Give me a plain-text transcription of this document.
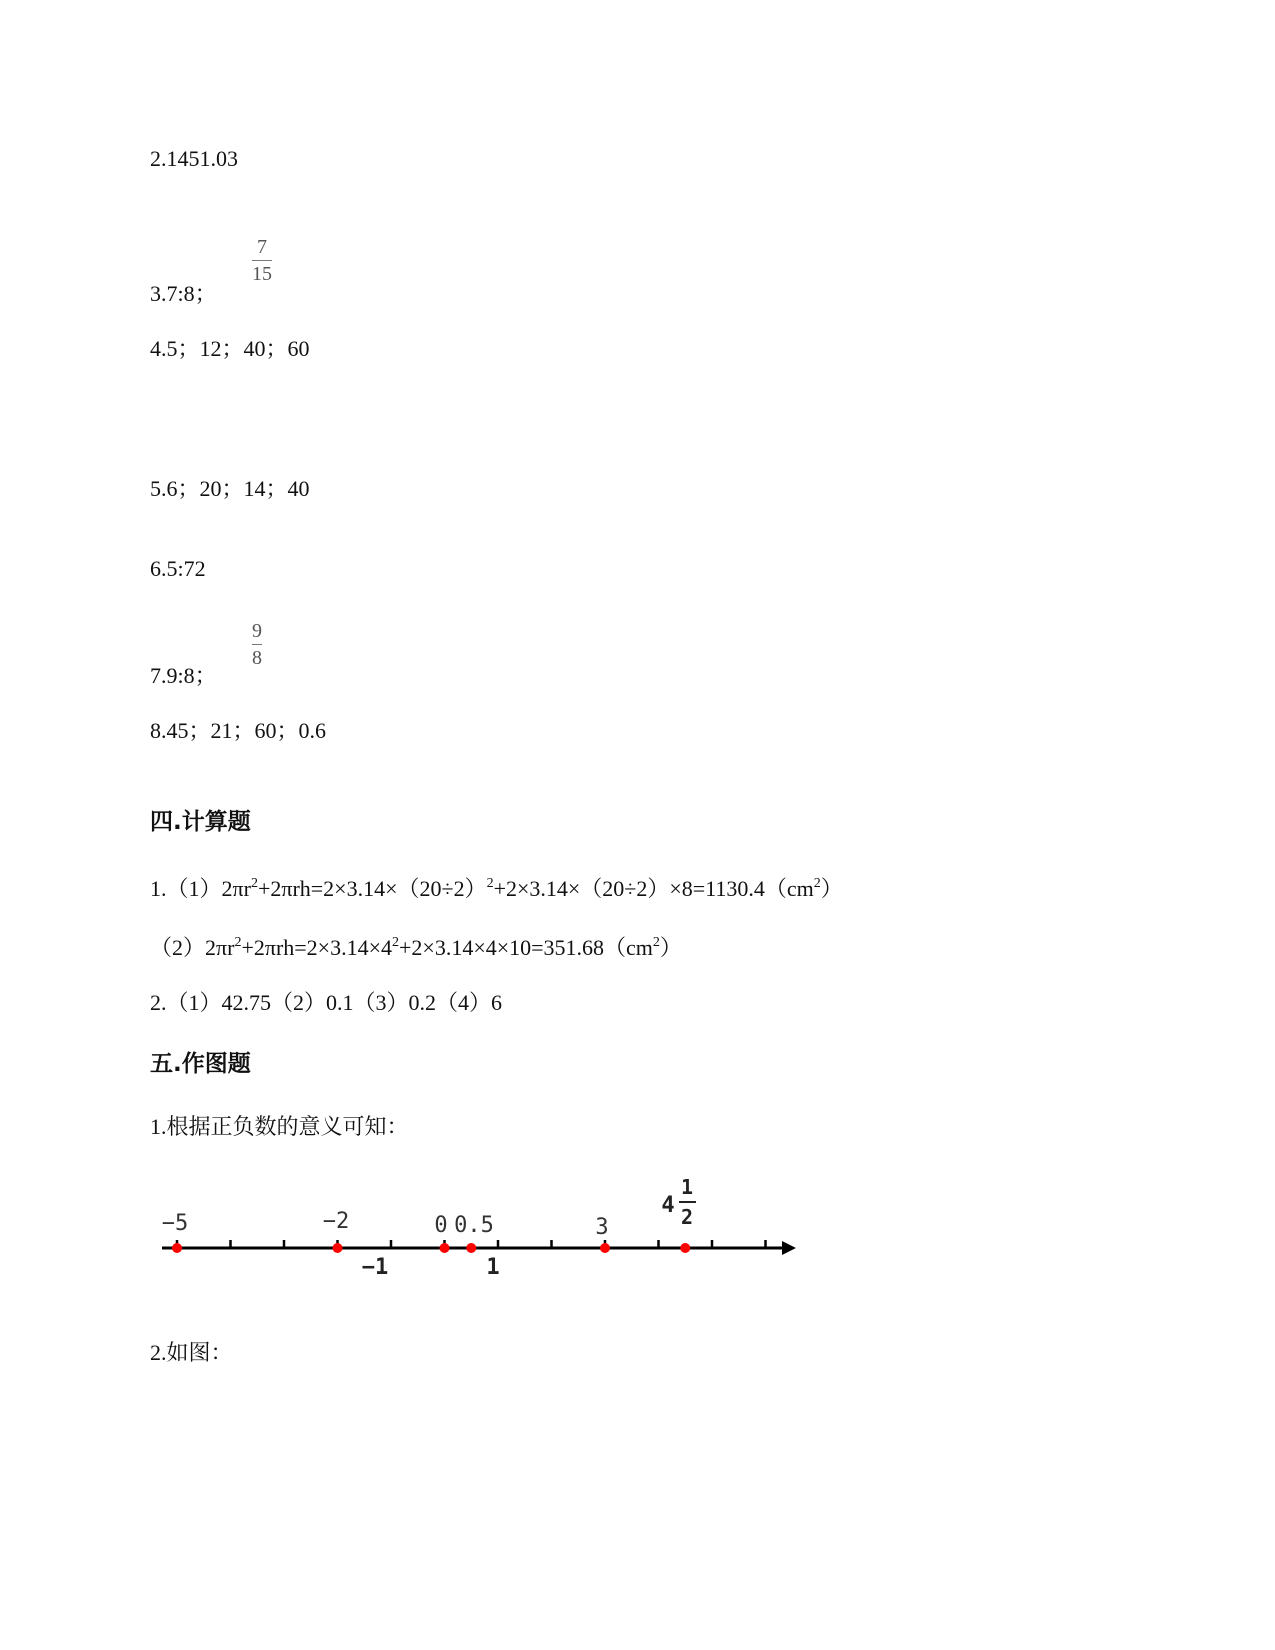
2.1451.03
7
15
3.7:8；
4.5；12；40；60
5.6；20；14；40
6.5:72
9
8
7.9:8；
8.45；21；60；0.6
四.计算题
$1.(1)2\pi r^2+2\pi rh=2\times 3.14\times(20\div 2)^2+2\times 3.14\times(20\div 2)\times 8=1130.4(cm^2)$
$(2)2\pi r^2+2\pi rh=2\times 3.14\times 4^2+2\times 3.14\times 4\times 10=351.68(cm^2)$
2.（1）42.75（2）0.1（3）0.2（4）6
五.作图题
1.根据正负数的意义可知：
−5	−2	0 0.5	3
−1	1
4
1
2
2.如图：
